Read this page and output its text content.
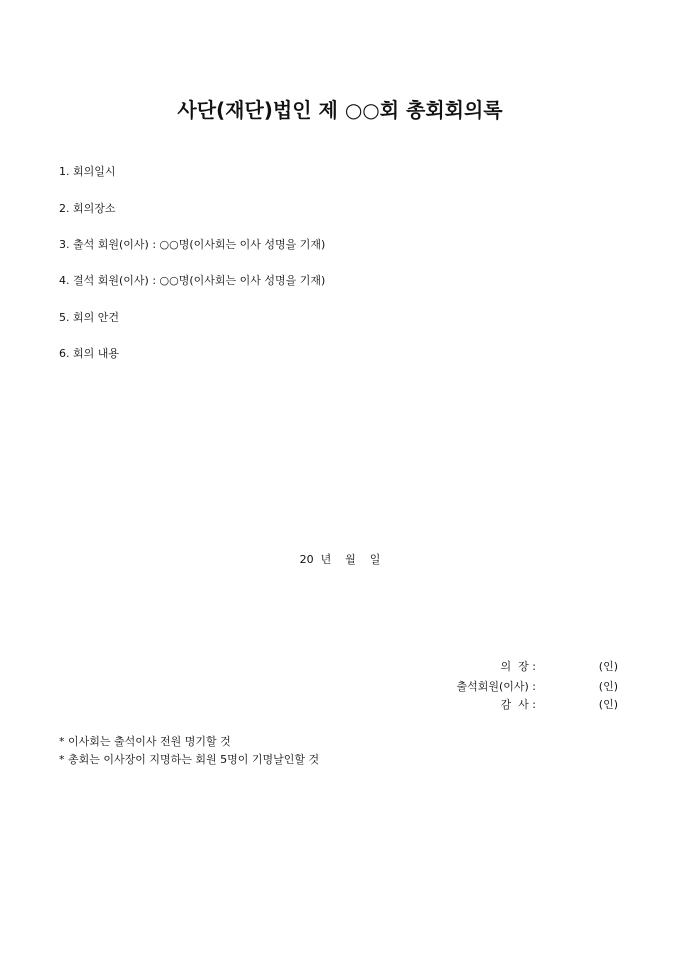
사단(재단)법인 제 ○○회 총회회의록
1. 회의일시
2. 회의장소
3. 출석 회원(이사) : ○○명(이사회는 이사 성명을 기재)
4. 결석 회원(이사) : ○○명(이사회는 이사 성명을 기재)
5. 회의 안건
6. 회의 내용
20  년    월    일
의  장 :	(인)
출석회원(이사) :	(인)
감  사 :	(인)
* 이사회는 출석이사 전원 명기할 것
* 총회는 이사장이 지명하는 회원 5명이 기명날인할 것
